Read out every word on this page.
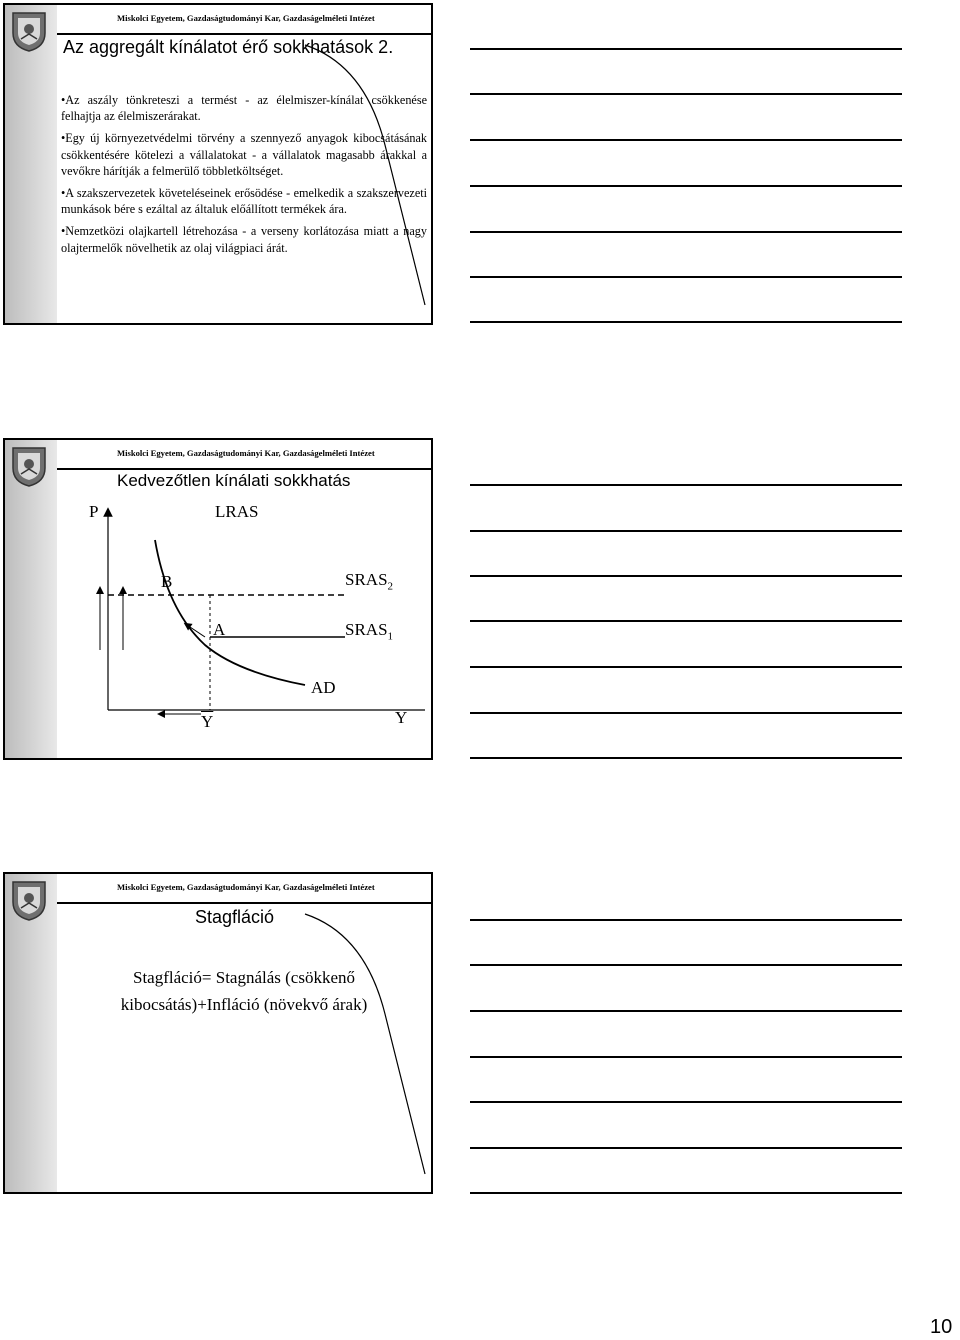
Miskolci Egyetem, Gazdaságtudományi Kar, Gazdaságelméleti Intézet
Az aggregált kínálatot érő sokkhatások 2.

•Az aszály tönkreteszi a termést - az élelmiszer-kínálat csökkenése felhajtja az élelmiszerárakat.

•Egy új környezetvédelmi törvény a szennyező anyagok kibocsátásának csökkentésére kötelezi a vállalatokat - a vállalatok magasabb árakkal a vevőkre hárítják a felmerülő többletköltséget.

•A szakszervezetek követeléseinek erősödése - emelkedik a szakszervezeti munkások bére s ezáltal az általuk előállított termékek ára.

•Nemzetközi olajkartell létrehozása - a verseny korlátozása miatt a nagy olajtermelők növelhetik az olaj világpiaci árát.

Miskolci Egyetem, Gazdaságtudományi Kar, Gazdaságelméleti Intézet
Kedvezőtlen kínálati sokkhatás
P	LRAS
B	$SRAS_2$
A	$SRAS_1$
AD
$\overline{Y}$	Y
Miskolci Egyetem, Gazdaságtudományi Kar, Gazdaságelméleti Intézet
Stagfláció
Stagfláció= Stagnálás (csökkenő
kibocsátás)+Infláció (növekvő árak)
10
